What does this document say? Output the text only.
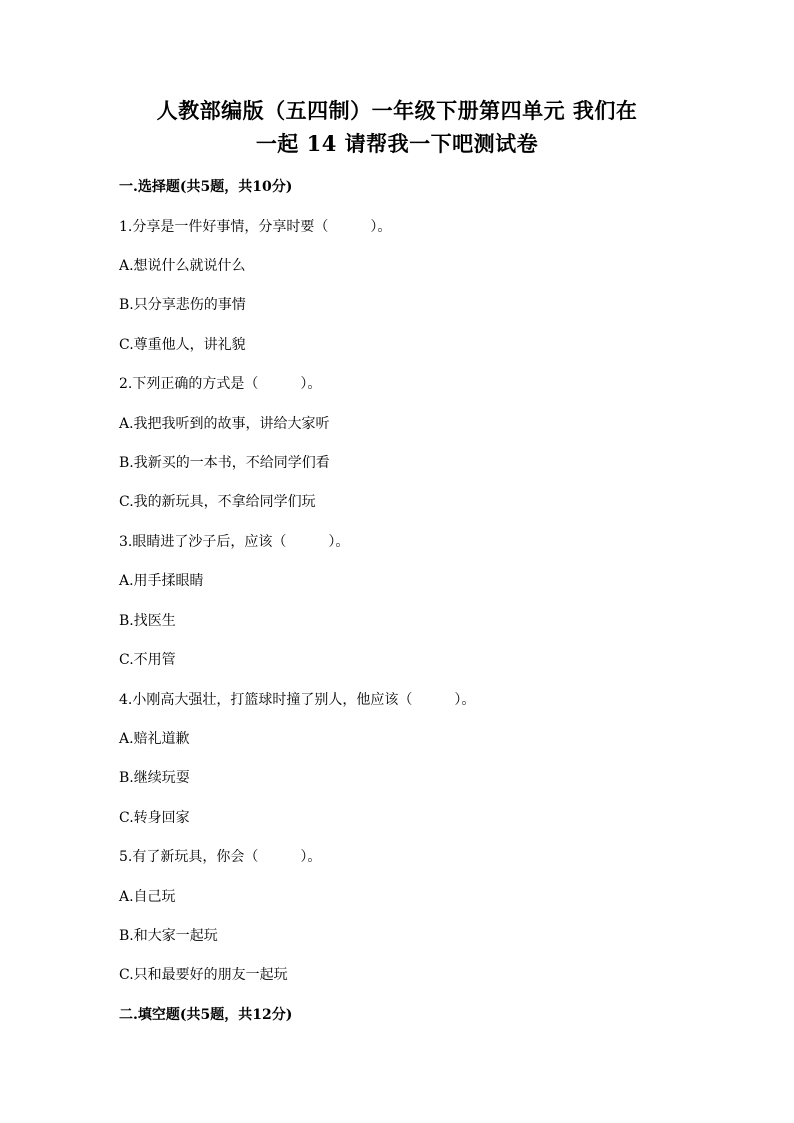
人教部编版（五四制）一年级下册第四单元 我们在
一起 14 请帮我一下吧测试卷
一.选择题(共5题，共10分)
1.分享是一件好事情，分享时要（　　　）。
A.想说什么就说什么
B.只分享悲伤的事情
C.尊重他人，讲礼貌
2.下列正确的方式是（　　　）。
A.我把我听到的故事，讲给大家听
B.我新买的一本书，不给同学们看
C.我的新玩具，不拿给同学们玩
3.眼睛进了沙子后，应该（　　　）。
A.用手揉眼睛
B.找医生
C.不用管
4.小刚高大强壮，打篮球时撞了别人，他应该（　　　）。
A.赔礼道歉
B.继续玩耍
C.转身回家
5.有了新玩具，你会（　　　）。
A.自己玩
B.和大家一起玩
C.只和最要好的朋友一起玩
二.填空题(共5题，共12分)
